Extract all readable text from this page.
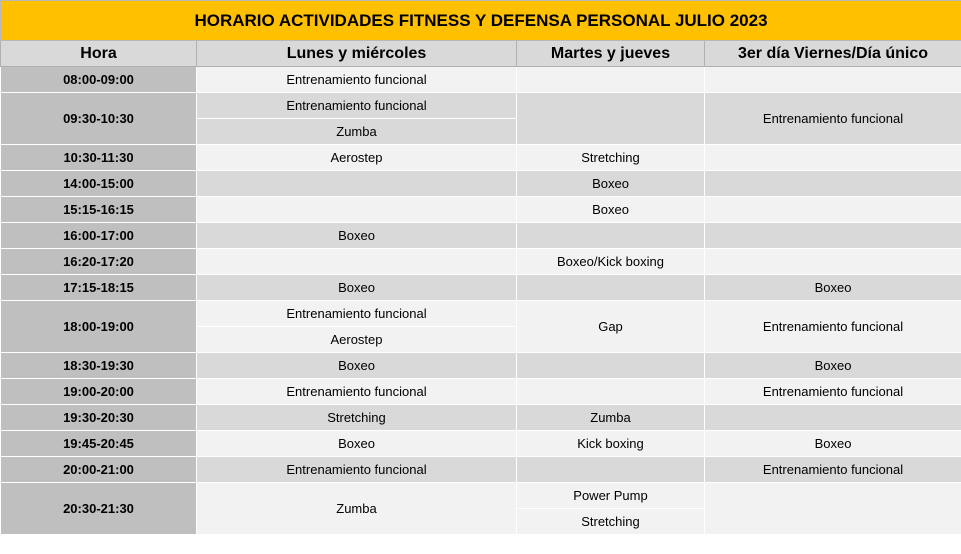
HORARIO ACTIVIDADES FITNESS Y DEFENSA PERSONAL JULIO 2023			
Hora	Lunes y miércoles	Martes y jueves	3er día Viernes/Día único
08:00-09:00	Entrenamiento funcional		
09:30-10:30	Entrenamiento funcional		Entrenamiento funcional
	Zumba		
10:30-11:30	Aerostep	Stretching	
14:00-15:00		Boxeo	
15:15-16:15		Boxeo	
16:00-17:00	Boxeo		
16:20-17:20		Boxeo/Kick boxing	
17:15-18:15	Boxeo		Boxeo
18:00-19:00	Entrenamiento funcional	Gap	Entrenamiento funcional
	Aerostep		
18:30-19:30	Boxeo		Boxeo
19:00-20:00	Entrenamiento funcional		Entrenamiento funcional
19:30-20:30	Stretching	Zumba	
19:45-20:45	Boxeo	Kick boxing	Boxeo
20:00-21:00	Entrenamiento funcional		Entrenamiento funcional
20:30-21:30	Zumba	Power Pump	
		Stretching	
